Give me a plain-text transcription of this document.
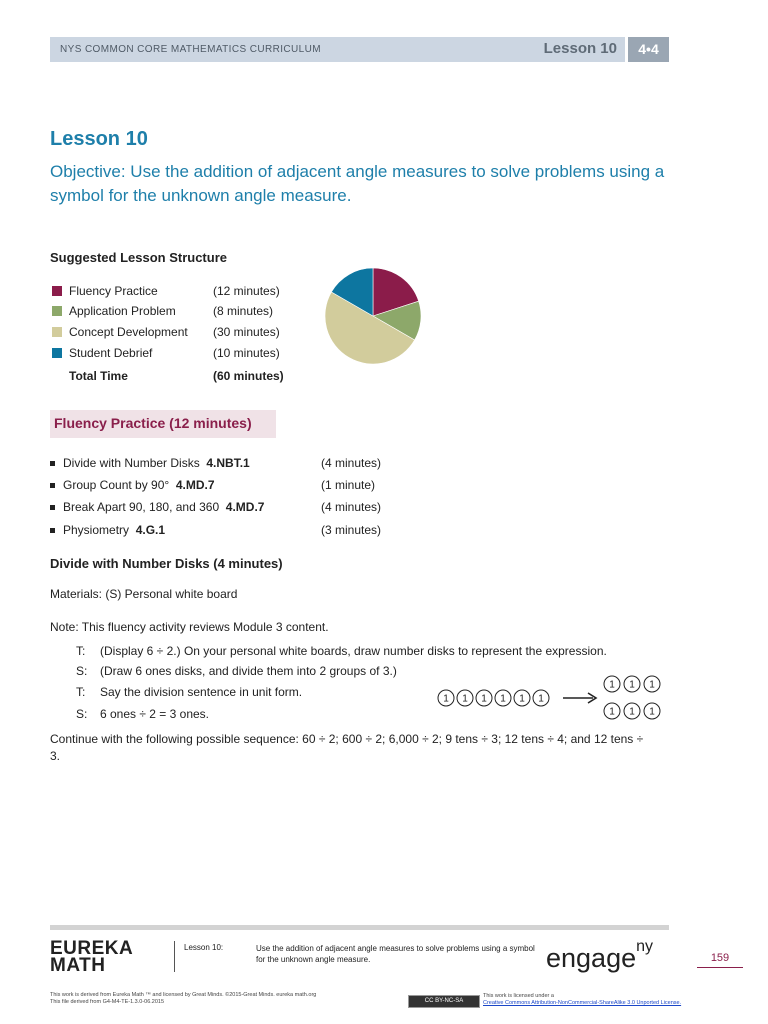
NYS COMMON CORE MATHEMATICS CURRICULUM	Lesson 10	4•4
Lesson 10
Objective: Use the addition of adjacent angle measures to solve problems using a symbol for the unknown angle measure.
Suggested Lesson Structure
Fluency Practice	(12 minutes)
Application Problem	(8 minutes)
Concept Development (30 minutes)
Student Debrief	(10 minutes)
Total Time	(60 minutes)
Fluency Practice (12 minutes)
Divide with Number Disks 4.NBT.1	(4 minutes)
Group Count by 90° 4.MD.7	(1 minute)
Break Apart 90, 180, and 360 4.MD.7	(4 minutes)
Physiometry 4.G.1	(3 minutes)
Divide with Number Disks (4 minutes)
Materials: (S) Personal white board
Note: This fluency activity reviews Module 3 content.
T: (Display 6 ÷ 2.) On your personal white boards, draw number disks to represent the expression.
S: (Draw 6 ones disks, and divide them into 2 groups of 3.)
T: Say the division sentence in unit form.
S: 6 ones ÷ 2 = 3 ones.
1 1 1 1 1 1
1 1 1
1 1 1
Continue with the following possible sequence: 60 ÷ 2; 600 ÷ 2; 6,000 ÷ 2; 9 tens ÷ 3; 12 tens ÷ 4; and 12 tens ÷ 3.
EUREKA
MATH
Lesson 10:	Use the addition of adjacent angle measures to solve problems using a symbol for the unknown angle measure.	engage$^{ny}$
159
This work is derived from Eureka Math ™ and licensed by Great Minds. ©2015-Great Minds. eureka math.org
This file derived from G4-M4-TE-1.3.0-06.2015	CC BY-NC-SA
This work is licensed under a
Creative Commons Attribution-NonCommercial-ShareAlike 3.0 Unported License.
